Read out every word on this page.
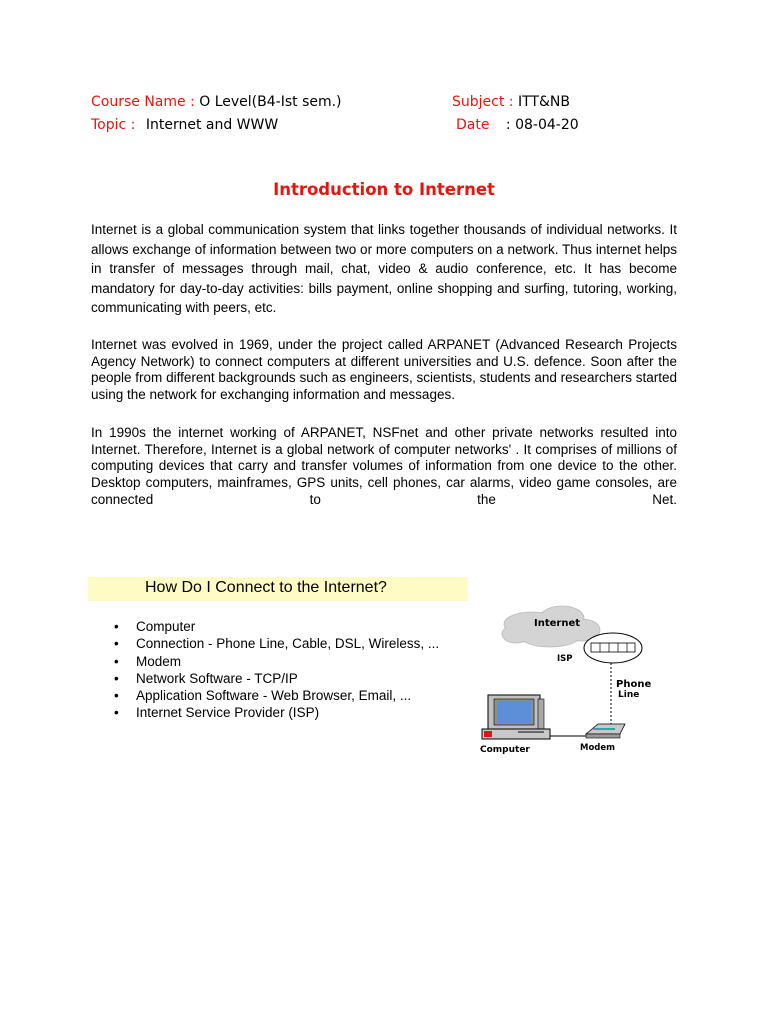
Course Name : O Level(B4-Ist sem.)	Subject : ITT&NB
Topic : Internet and WWW	Date : 08-04-20
Introduction to Internet

Internet is a global communication system that links together thousands of individual networks. It allows exchange of information between two or more computers on a network. Thus internet helps in transfer of messages through mail, chat, video & audio conference, etc. It has become mandatory for day-to-day activities: bills payment, online shopping and surfing, tutoring, working, communicating with peers, etc.

Internet was evolved in 1969, under the project called ARPANET (Advanced Research Projects Agency Network) to connect computers at different universities and U.S. defence. Soon after the people from different backgrounds such as engineers, scientists, students and researchers started using the network for exchanging information and messages.

In 1990s the internet working of ARPANET, NSFnet and other private networks resulted into Internet. Therefore, Internet is a global network of computer networks' . It comprises of millions of computing devices that carry and transfer volumes of information from one device to the other. Desktop computers, mainframes, GPS units, cell phones, car alarms, video game consoles, are connected to the Net.

How Do I Connect to the Internet?
• Computer
• Connection - Phone Line, Cable, DSL, Wireless, ...
• Modem
• Network Software - TCP/IP
• Application Software - Web Browser, Email, ...
• Internet Service Provider (ISP)
Internet
ISP
Phone
Line
Modem
Computer
